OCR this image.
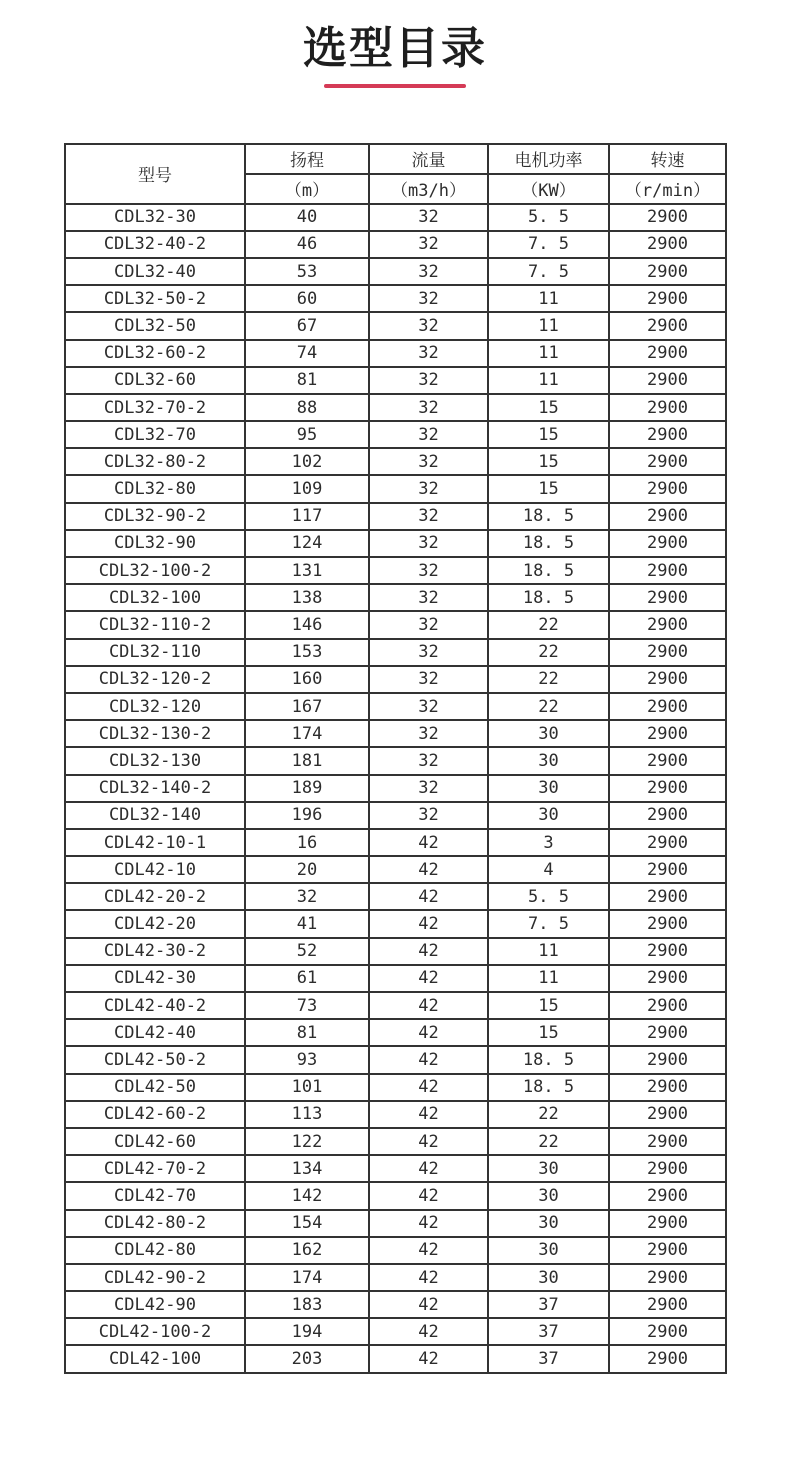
选型目录
型号	扬程	流量	电机功率	转速
	（m）	（m3/h）	（KW）	（r/min）
CDL32-30	40	32	5. 5	2900
CDL32-40-2	46	32	7. 5	2900
CDL32-40	53	32	7. 5	2900
CDL32-50-2	60	32	11	2900
CDL32-50	67	32	11	2900
CDL32-60-2	74	32	11	2900
CDL32-60	81	32	11	2900
CDL32-70-2	88	32	15	2900
CDL32-70	95	32	15	2900
CDL32-80-2	102	32	15	2900
CDL32-80	109	32	15	2900
CDL32-90-2	117	32	18. 5	2900
CDL32-90	124	32	18. 5	2900
CDL32-100-2	131	32	18. 5	2900
CDL32-100	138	32	18. 5	2900
CDL32-110-2	146	32	22	2900
CDL32-110	153	32	22	2900
CDL32-120-2	160	32	22	2900
CDL32-120	167	32	22	2900
CDL32-130-2	174	32	30	2900
CDL32-130	181	32	30	2900
CDL32-140-2	189	32	30	2900
CDL32-140	196	32	30	2900
CDL42-10-1	16	42	3	2900
CDL42-10	20	42	4	2900
CDL42-20-2	32	42	5. 5	2900
CDL42-20	41	42	7. 5	2900
CDL42-30-2	52	42	11	2900
CDL42-30	61	42	11	2900
CDL42-40-2	73	42	15	2900
CDL42-40	81	42	15	2900
CDL42-50-2	93	42	18. 5	2900
CDL42-50	101	42	18. 5	2900
CDL42-60-2	113	42	22	2900
CDL42-60	122	42	22	2900
CDL42-70-2	134	42	30	2900
CDL42-70	142	42	30	2900
CDL42-80-2	154	42	30	2900
CDL42-80	162	42	30	2900
CDL42-90-2	174	42	30	2900
CDL42-90	183	42	37	2900
CDL42-100-2	194	42	37	2900
CDL42-100	203	42	37	2900
